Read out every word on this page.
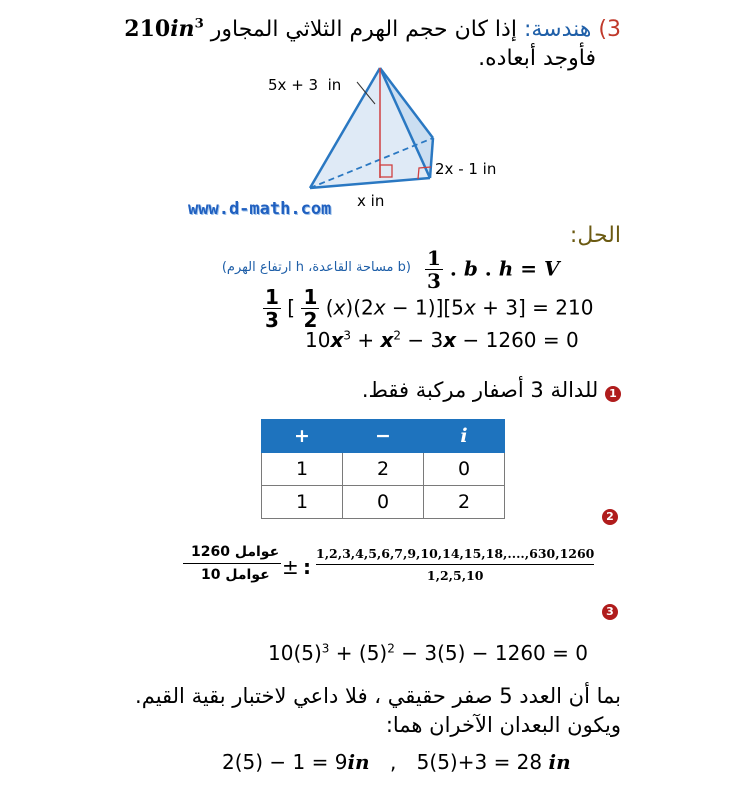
3) هندسة: إذا كان حجم الهرم الثلاثي المجاور $210in^3$
فأوجد أبعاده.
5x + 3  in
2x - 1 in
x in
www.d-math.com
الحل:
$\frac{1}{3}$ . b . h = V
(b مساحة القاعدة، h ارتفاع الهرم)
$\frac{1}{3}$ [ $\frac{1}{2} (x)(2x - 1)][5x + 3] = 210$
$10x^3 + x^2 - 3x - 1260 = 0$
1 للدالة 3 أصفار مركبة فقط.
+	−	i
1	2	0
1	0	2
2
عوامل 1260
عوامل 10	± : $\frac{1,2,3,4,5,6,7,9,10,14,15,18,....,630,1260}{1,2,5,10}$
3
$10(5)^3 + (5)^2 - 3(5) - 1260 = 0$
بما أن العدد 5 صفر حقيقي ، فلا داعي لاختبار بقية القيم.
ويكون البعدان الآخران هما:
2(5) − 1 = 9in , 5(5)+3 = 28 in
